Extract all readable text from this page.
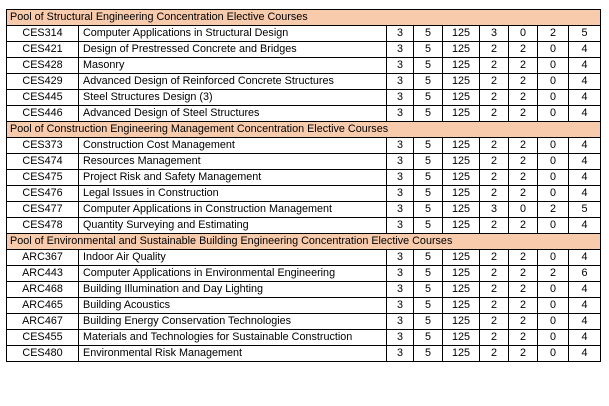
Pool of Structural Engineering Concentration Elective Courses								
CES314	Computer Applications in Structural Design	3	5	125	3	0	2	5
CES421	Design of Prestressed Concrete and Bridges	3	5	125	2	2	0	4
CES428	Masonry	3	5	125	2	2	0	4
CES429	Advanced Design of Reinforced Concrete Structures	3	5	125	2	2	0	4
CES445	Steel Structures Design (3)	3	5	125	2	2	0	4
CES446	Advanced Design of Steel Structures	3	5	125	2	2	0	4
Pool of Construction Engineering Management Concentration Elective Courses								
CES373	Construction Cost Management	3	5	125	2	2	0	4
CES474	Resources Management	3	5	125	2	2	0	4
CES475	Project Risk and Safety Management	3	5	125	2	2	0	4
CES476	Legal Issues in Construction	3	5	125	2	2	0	4
CES477	Computer Applications in Construction Management	3	5	125	3	0	2	5
CES478	Quantity Surveying and Estimating	3	5	125	2	2	0	4
Pool of Environmental and Sustainable Building Engineering Concentration Elective Courses								
ARC367	Indoor Air Quality	3	5	125	2	2	0	4
ARC443	Computer Applications in Environmental Engineering	3	5	125	2	2	2	6
ARC468	Building Illumination and Day Lighting	3	5	125	2	2	0	4
ARC465	Building Acoustics	3	5	125	2	2	0	4
ARC467	Building Energy Conservation Technologies	3	5	125	2	2	0	4
CES455	Materials and Technologies for Sustainable Construction	3	5	125	2	2	0	4
CES480	Environmental Risk Management	3	5	125	2	2	0	4
